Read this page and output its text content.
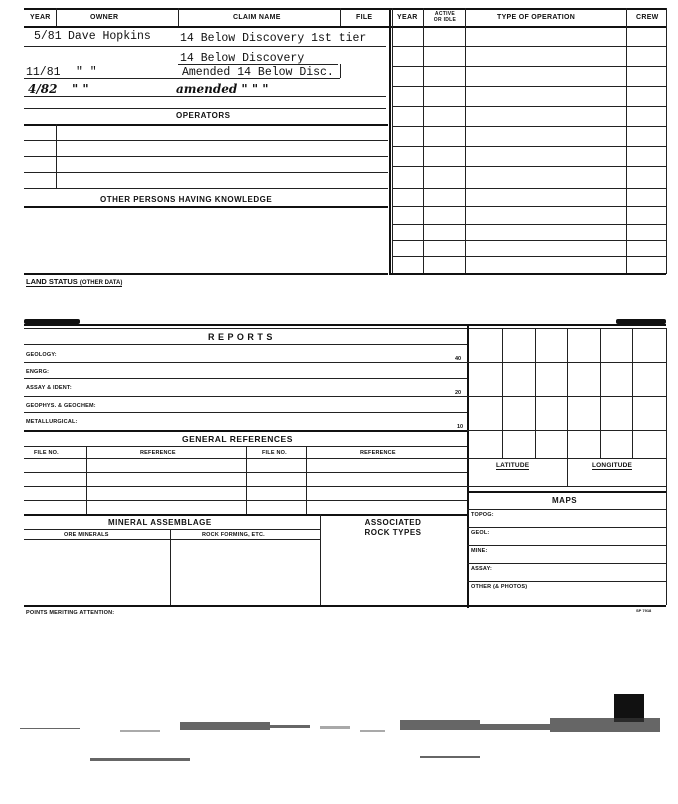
YEAR	OWNER	CLAIM NAME	FILE	YEAR	ACTIVE
OR IDLE	TYPE OF OPERATION	CREW
5/81 Dave Hopkins	14 Below Discovery 1st tier
14 Below Discovery
11/81 " "	Amended 14 Below Disc.
4/82 " "	amended " " "
OPERATORS
OTHER PERSONS HAVING KNOWLEDGE
LAND STATUS (OTHER DATA)
R E P O R T S
GEOLOGY:
40
ENGRG:
ASSAY & IDENT:
20
GEOPHYS. & GEOCHEM:
METALLURGICAL:
10
GENERAL REFERENCES
FILE NO.	REFERENCE	FILE NO.	REFERENCE
MINERAL ASSEMBLAGE
ORE MINERALS	ROCK FORMING, ETC.
ASSOCIATED
ROCK TYPES
POINTS MERITING ATTENTION:	SP 7918
LATITUDE	LONGITUDE
MAPS
TOPOG:
GEOL:
MINE:
ASSAY:
OTHER (& PHOTOS)
